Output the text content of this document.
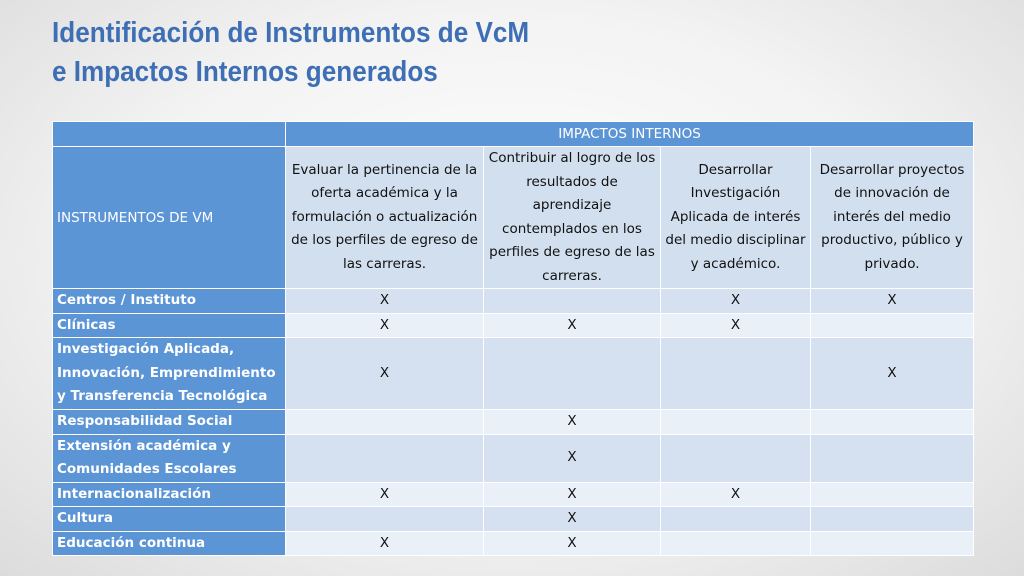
Identificación de Instrumentos de VcM
e Impactos Internos generados
	IMPACTOS INTERNOS			
INSTRUMENTOS DE VM	Evaluar la pertinencia de la oferta académica y la formulación o actualización de los perfiles de egreso de las carreras.	Contribuir al logro de los resultados de aprendizaje contemplados en los perfiles de egreso de las carreras.	Desarrollar Investigación Aplicada de interés del medio disciplinar y académico.	Desarrollar proyectos de innovación de interés del medio productivo, público y privado.
Centros / Instituto	X		X	X
Clínicas	X	X	X	
Investigación Aplicada, Innovación, Emprendimiento y Transferencia Tecnológica	X			X
Responsabilidad Social		X		
Extensión académica y Comunidades Escolares		X		
Internacionalización	X	X	X	
Cultura		X		
Educación continua	X	X		
